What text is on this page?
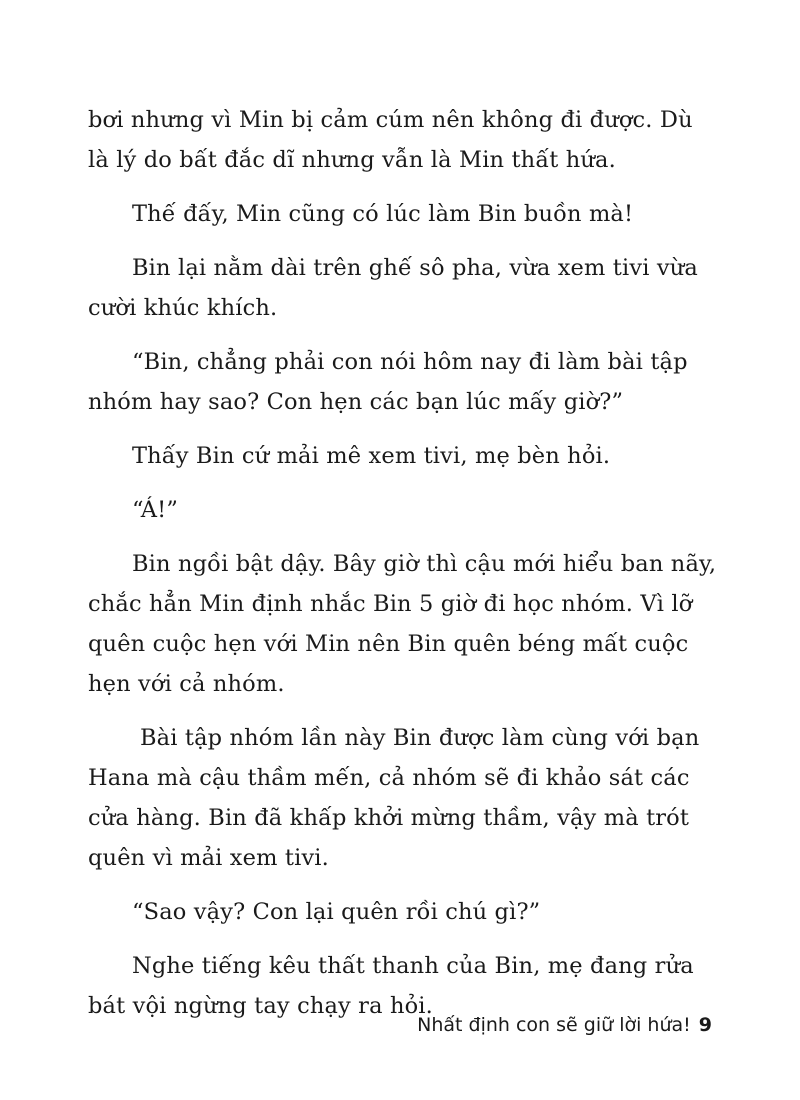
bơi nhưng vì Min bị cảm cúm nên không đi được. Dù là lý do bất đắc dĩ nhưng vẫn là Min thất hứa.

Thế đấy, Min cũng có lúc làm Bin buồn mà!

Bin lại nằm dài trên ghế sô pha, vừa xem tivi vừa cười khúc khích.

“Bin, chẳng phải con nói hôm nay đi làm bài tập nhóm hay sao? Con hẹn các bạn lúc mấy giờ?”

Thấy Bin cứ mải mê xem tivi, mẹ bèn hỏi.

“Á!”

Bin ngồi bật dậy. Bây giờ thì cậu mới hiểu ban nãy, chắc hẳn Min định nhắc Bin 5 giờ đi học nhóm. Vì lỡ quên cuộc hẹn với Min nên Bin quên béng mất cuộc hẹn với cả nhóm.

Bài tập nhóm lần này Bin được làm cùng với bạn Hana mà cậu thầm mến, cả nhóm sẽ đi khảo sát các cửa hàng. Bin đã khấp khởi mừng thầm, vậy mà trót quên vì mải xem tivi.

“Sao vậy? Con lại quên rồi chú gì?”

Nghe tiếng kêu thất thanh của Bin, mẹ đang rửa bát vội ngừng tay chạy ra hỏi.

Nhất định con sẽ giữ lời hứa! 9
